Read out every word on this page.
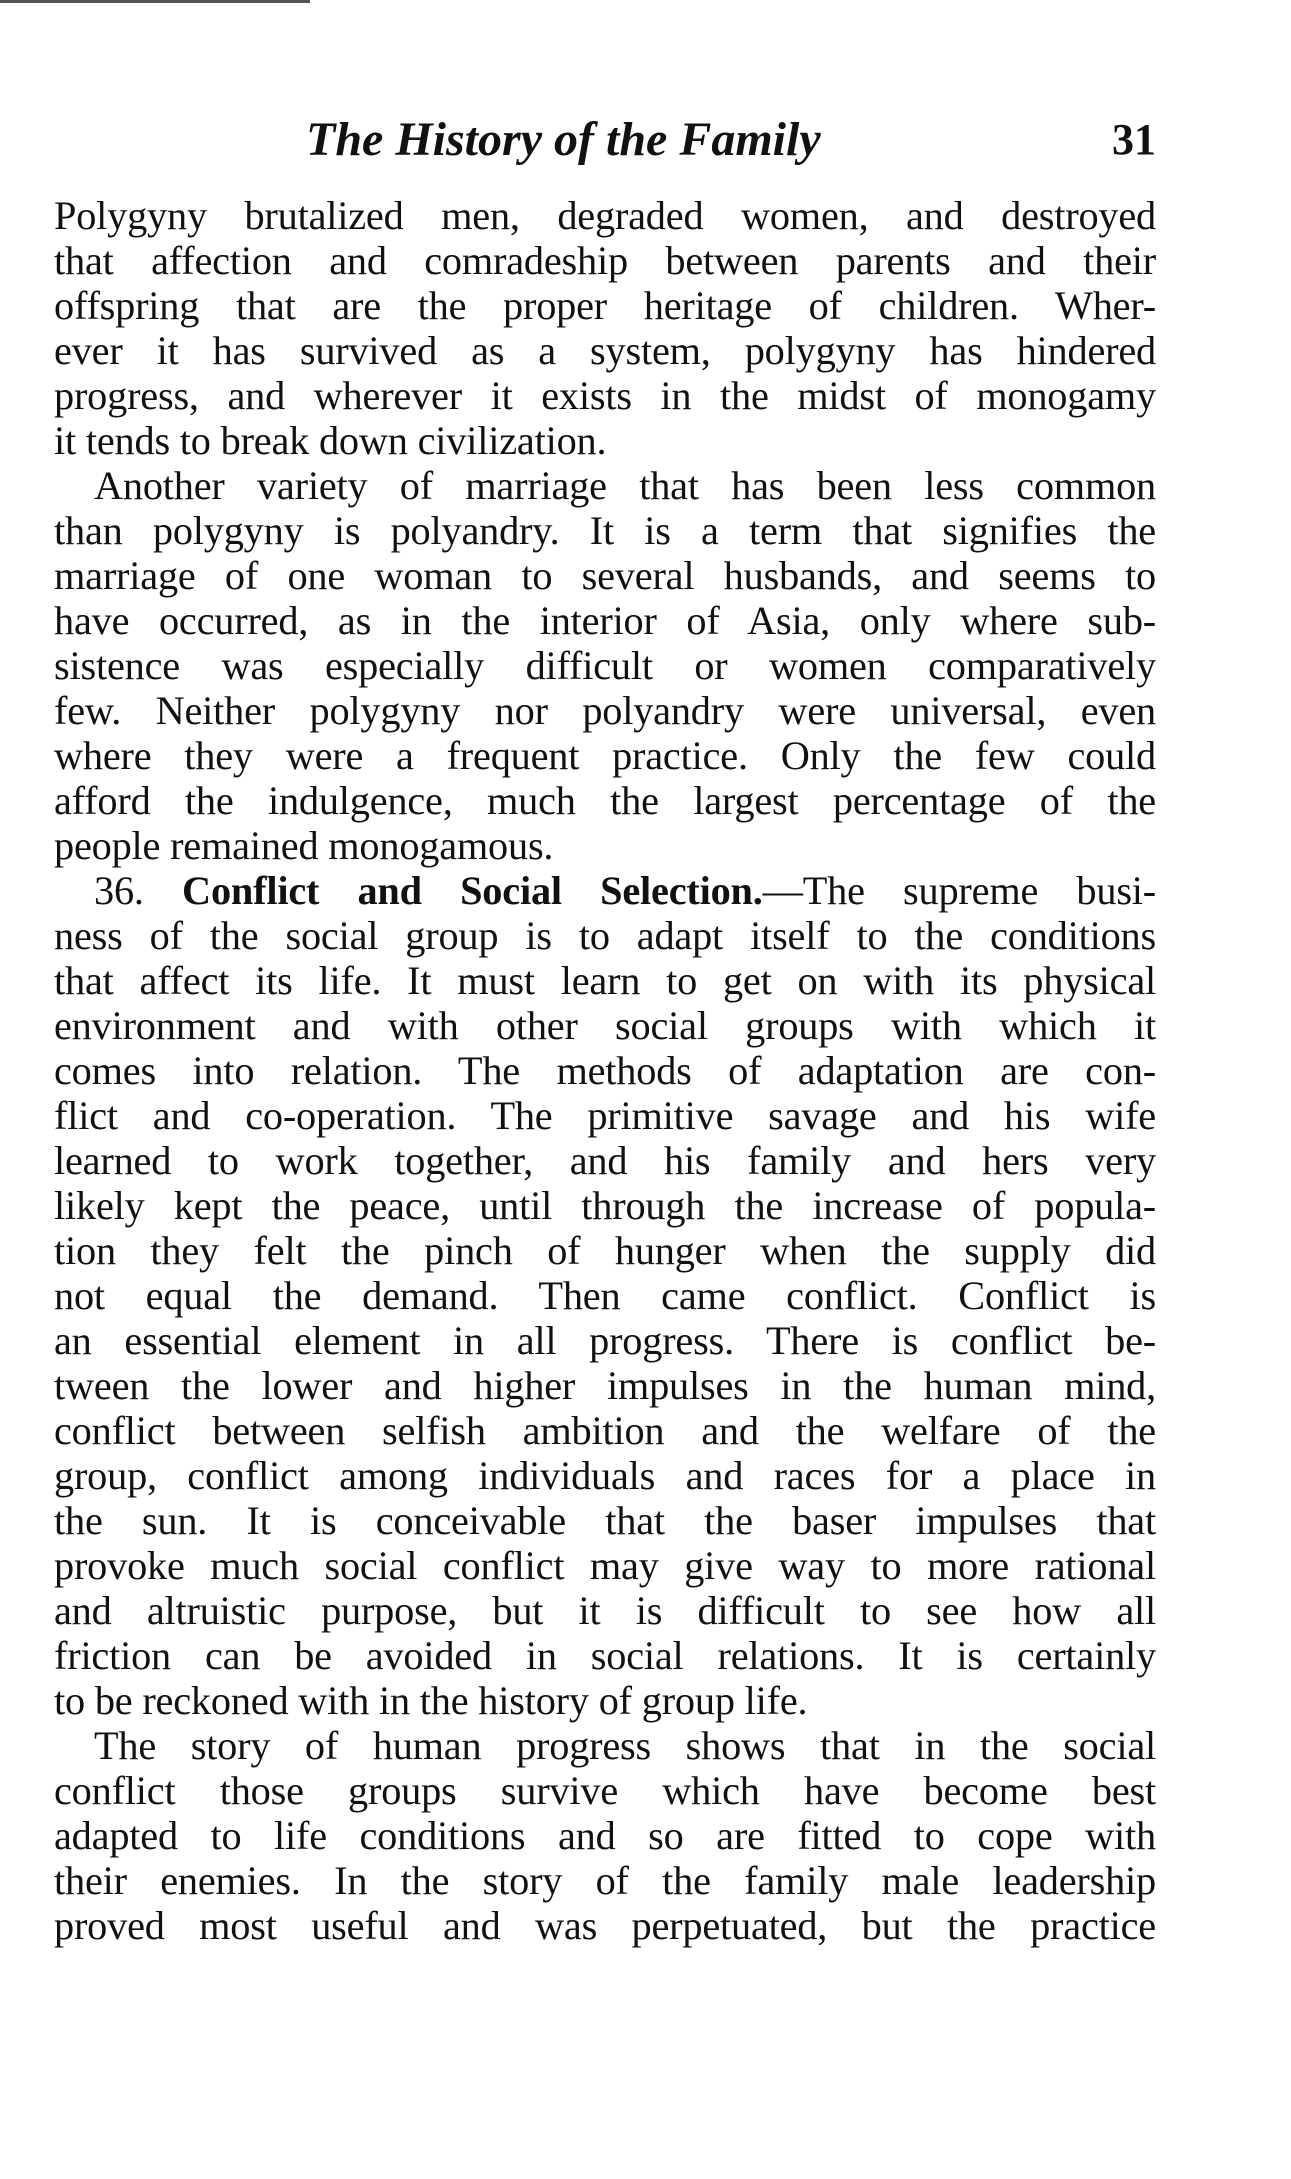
The History of the Family	31

Polygyny brutalized men, degraded women, and destroyed
that affection and comradeship between parents and their
offspring that are the proper heritage of children. Wher-
ever it has survived as a system, polygyny has hindered
progress, and wherever it exists in the midst of monogamy
it tends to break down civilization.

Another variety of marriage that has been less common
than polygyny is polyandry. It is a term that signifies the
marriage of one woman to several husbands, and seems to
have occurred, as in the interior of Asia, only where sub-
sistence was especially difficult or women comparatively
few. Neither polygyny nor polyandry were universal, even
where they were a frequent practice. Only the few could
afford the indulgence, much the largest percentage of the
people remained monogamous.

36. Conflict and Social Selection.—The supreme busi-
ness of the social group is to adapt itself to the conditions
that affect its life. It must learn to get on with its physical
environment and with other social groups with which it
comes into relation. The methods of adaptation are con-
flict and co-operation. The primitive savage and his wife
learned to work together, and his family and hers very
likely kept the peace, until through the increase of popula-
tion they felt the pinch of hunger when the supply did
not equal the demand. Then came conflict. Conflict is
an essential element in all progress. There is conflict be-
tween the lower and higher impulses in the human mind,
conflict between selfish ambition and the welfare of the
group, conflict among individuals and races for a place in
the sun. It is conceivable that the baser impulses that
provoke much social conflict may give way to more rational
and altruistic purpose, but it is difficult to see how all
friction can be avoided in social relations. It is certainly
to be reckoned with in the history of group life.

The story of human progress shows that in the social
conflict those groups survive which have become best
adapted to life conditions and so are fitted to cope with
their enemies. In the story of the family male leadership
proved most useful and was perpetuated, but the practice
